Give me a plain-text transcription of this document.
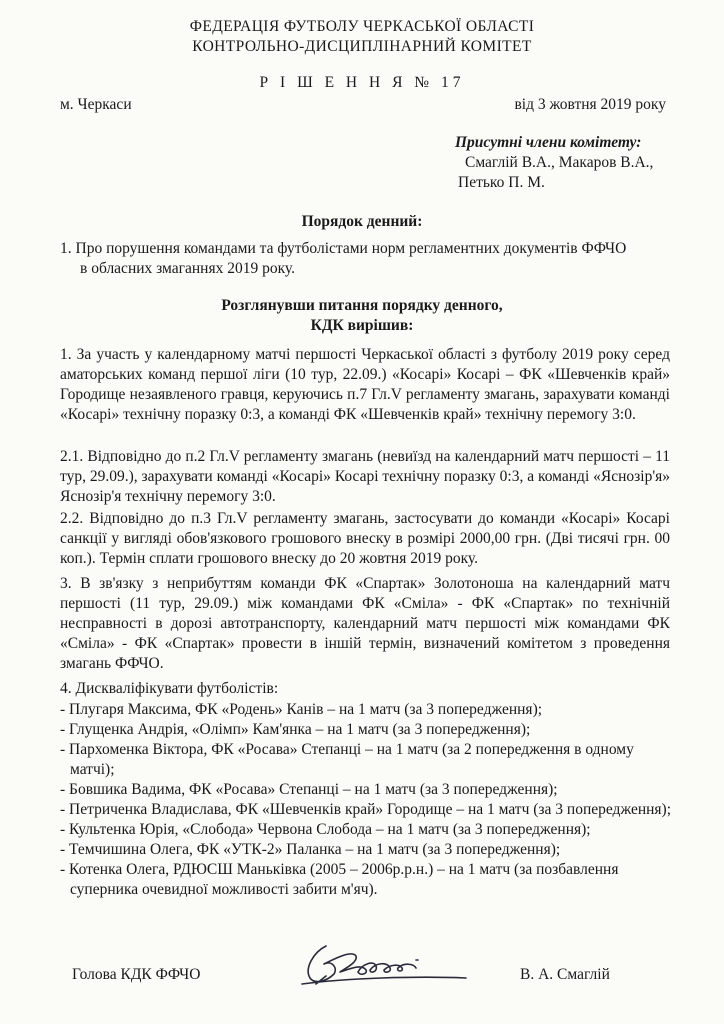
ФЕДЕРАЦІЯ ФУТБОЛУ ЧЕРКАСЬКОЇ ОБЛАСТІ
КОНТРОЛЬНО-ДИСЦИПЛІНАРНИЙ КОМІТЕТ
Р І Ш Е Н Н Я № 17
м. Черкаси	від 3 жовтня 2019 року
Присутні члени комітету:
Смаглій В.А., Макаров В.А.,
Петько П. М.
Порядок денний:
1. Про порушення командами та футболістами норм регламентних документів ФФЧО
в обласних змаганнях 2019 року.
Розглянувши питання порядку денного,
КДК вирішив:

1. За участь у календарному матчі першості Черкаської області з футболу 2019 року серед аматорських команд першої ліги (10 тур, 22.09.) «Косарі» Косарі – ФК «Шевченків край» Городище незаявленого гравця, керуючись п.7 Гл.V регламенту змагань, зарахувати команді «Косарі» технічну поразку 0:3, а команді ФК «Шевченків край» технічну перемогу 3:0.

2.1. Відповідно до п.2 Гл.V регламенту змагань (невиїзд на календарний матч першості – 11 тур, 29.09.), зарахувати команді «Косарі» Косарі технічну поразку 0:3, а команді «Яснозір'я» Яснозір'я технічну перемогу 3:0.

2.2. Відповідно до п.3 Гл.V регламенту змагань, застосувати до команди «Косарі» Косарі санкції у вигляді обов'язкового грошового внеску в розмірі 2000,00 грн. (Дві тисячі грн. 00 коп.). Термін сплати грошового внеску до 20 жовтня 2019 року.

3. В зв'язку з неприбуттям команди ФК «Спартак» Золотоноша на календарний матч першості (11 тур, 29.09.) між командами ФК «Сміла» - ФК «Спартак» по технічній несправності в дорозі автотранспорту, календарний матч першості між командами ФК «Сміла» - ФК «Спартак» провести в іншій термін, визначений комітетом з проведення змагань ФФЧО.

4. Дискваліфікувати футболістів:
- Плугаря Максима, ФК «Родень» Канів – на 1 матч (за 3 попередження);
- Глущенка Андрія, «Олімп» Кам'янка – на 1 матч (за 3 попередження);
- Пархоменка Віктора, ФК «Росава» Степанці – на 1 матч (за 2 попередження в одному матчі);
- Бовшика Вадима, ФК «Росава» Степанці – на 1 матч (за 3 попередження);
- Петриченка Владислава, ФК «Шевченків край» Городище – на 1 матч (за 3 попередження);
- Культенка Юрія, «Слобода» Червона Слобода – на 1 матч (за 3 попередження);
- Темчишина Олега, ФК «УТК-2» Паланка – на 1 матч (за 3 попередження);
- Котенка Олега, РДЮСШ Маньківка (2005 – 2006р.р.н.) – на 1 матч (за позбавлення суперника очевидної можливості забити м'яч).
Голова КДК ФФЧО	В. А. Смаглій
